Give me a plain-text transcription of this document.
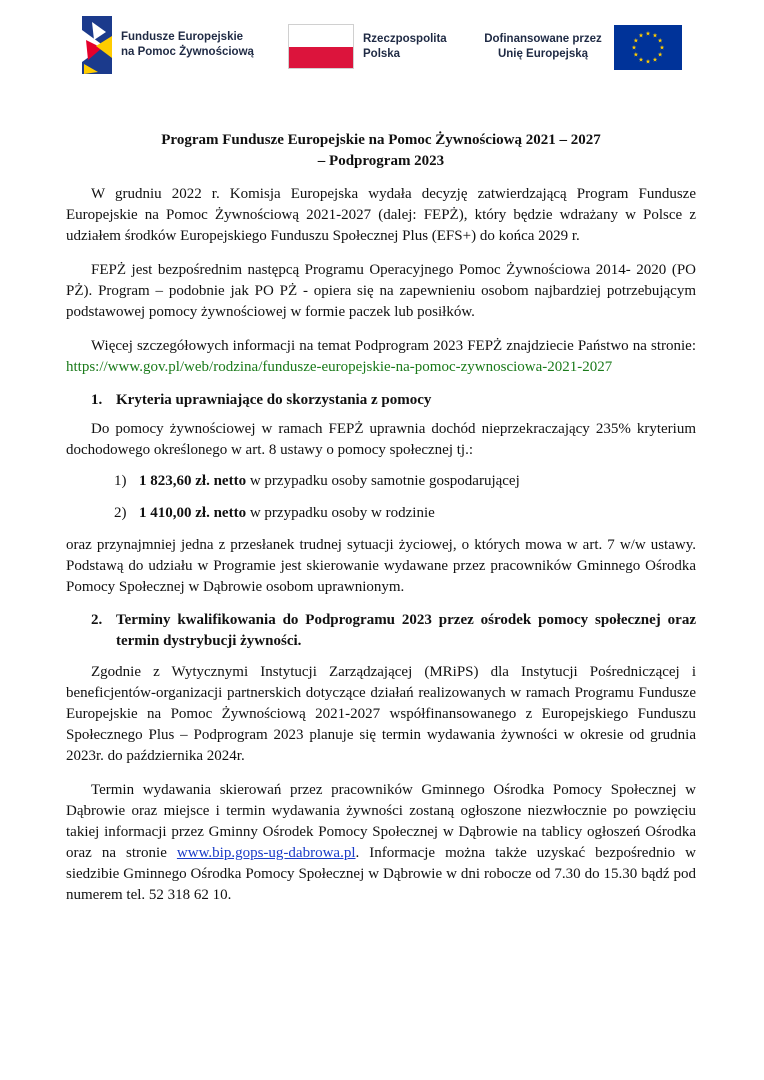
Fundusze Europejskie
na Pomoc Żywnościową
Rzeczpospolita
Polska
Dofinansowane przez
Unię Europejską

Program Fundusze Europejskie na Pomoc Żywnościową 2021 – 2027
– Podprogram 2023

W grudniu 2022 r. Komisja Europejska wydała decyzję zatwierdzającą Program Fundusze Europejskie na Pomoc Żywnościową 2021-2027 (dalej: FEPŻ), który będzie wdrażany w Polsce z udziałem środków Europejskiego Funduszu Społecznej Plus (EFS+) do końca 2029 r.

FEPŻ jest bezpośrednim następcą Programu Operacyjnego Pomoc Żywnościowa 2014- 2020 (PO PŻ). Program – podobnie jak PO PŻ - opiera się na zapewnieniu osobom najbardziej potrzebującym podstawowej pomocy żywnościowej w formie paczek lub posiłków.

Więcej szczegółowych informacji na temat Podprogram 2023 FEPŻ znajdziecie Państwo na stronie: https://www.gov.pl/web/rodzina/fundusze-europejskie-na-pomoc-zywnosciowa-2021-2027

1. Kryteria uprawniające do skorzystania z pomocy

Do pomocy żywnościowej w ramach FEPŻ uprawnia dochód nieprzekraczający 235% kryterium dochodowego określonego w art. 8 ustawy o pomocy społecznej tj.:

1) 1 823,60 zł. netto w przypadku osoby samotnie gospodarującej

2) 1 410,00 zł. netto w przypadku osoby w rodzinie

oraz przynajmniej jedna z przesłanek trudnej sytuacji życiowej, o których mowa w art. 7 w/w ustawy. Podstawą do udziału w Programie jest skierowanie wydawane przez pracowników Gminnego Ośrodka Pomocy Społecznej w Dąbrowie osobom uprawnionym.

2. Terminy kwalifikowania do Podprogramu 2023 przez ośrodek pomocy społecznej oraz termin dystrybucji żywności.

Zgodnie z Wytycznymi Instytucji Zarządzającej (MRiPS) dla Instytucji Pośredniczącej i beneficjentów-organizacji partnerskich dotyczące działań realizowanych w ramach Programu Fundusze Europejskie na Pomoc Żywnościową 2021-2027 współfinansowanego z Europejskiego Funduszu Społecznego Plus – Podprogram 2023 planuje się termin wydawania żywności w okresie od grudnia 2023r. do października 2024r.

Termin wydawania skierowań przez pracowników Gminnego Ośrodka Pomocy Społecznej w Dąbrowie oraz miejsce i termin wydawania żywności zostaną ogłoszone niezwłocznie po powzięciu takiej informacji przez Gminny Ośrodek Pomocy Społecznej w Dąbrowie na tablicy ogłoszeń Ośrodka oraz na stronie www.bip.gops-ug-dabrowa.pl. Informacje można także uzyskać bezpośrednio w siedzibie Gminnego Ośrodka Pomocy Społecznej w Dąbrowie w dni robocze od 7.30 do 15.30 bądź pod numerem tel. 52 318 62 10.
